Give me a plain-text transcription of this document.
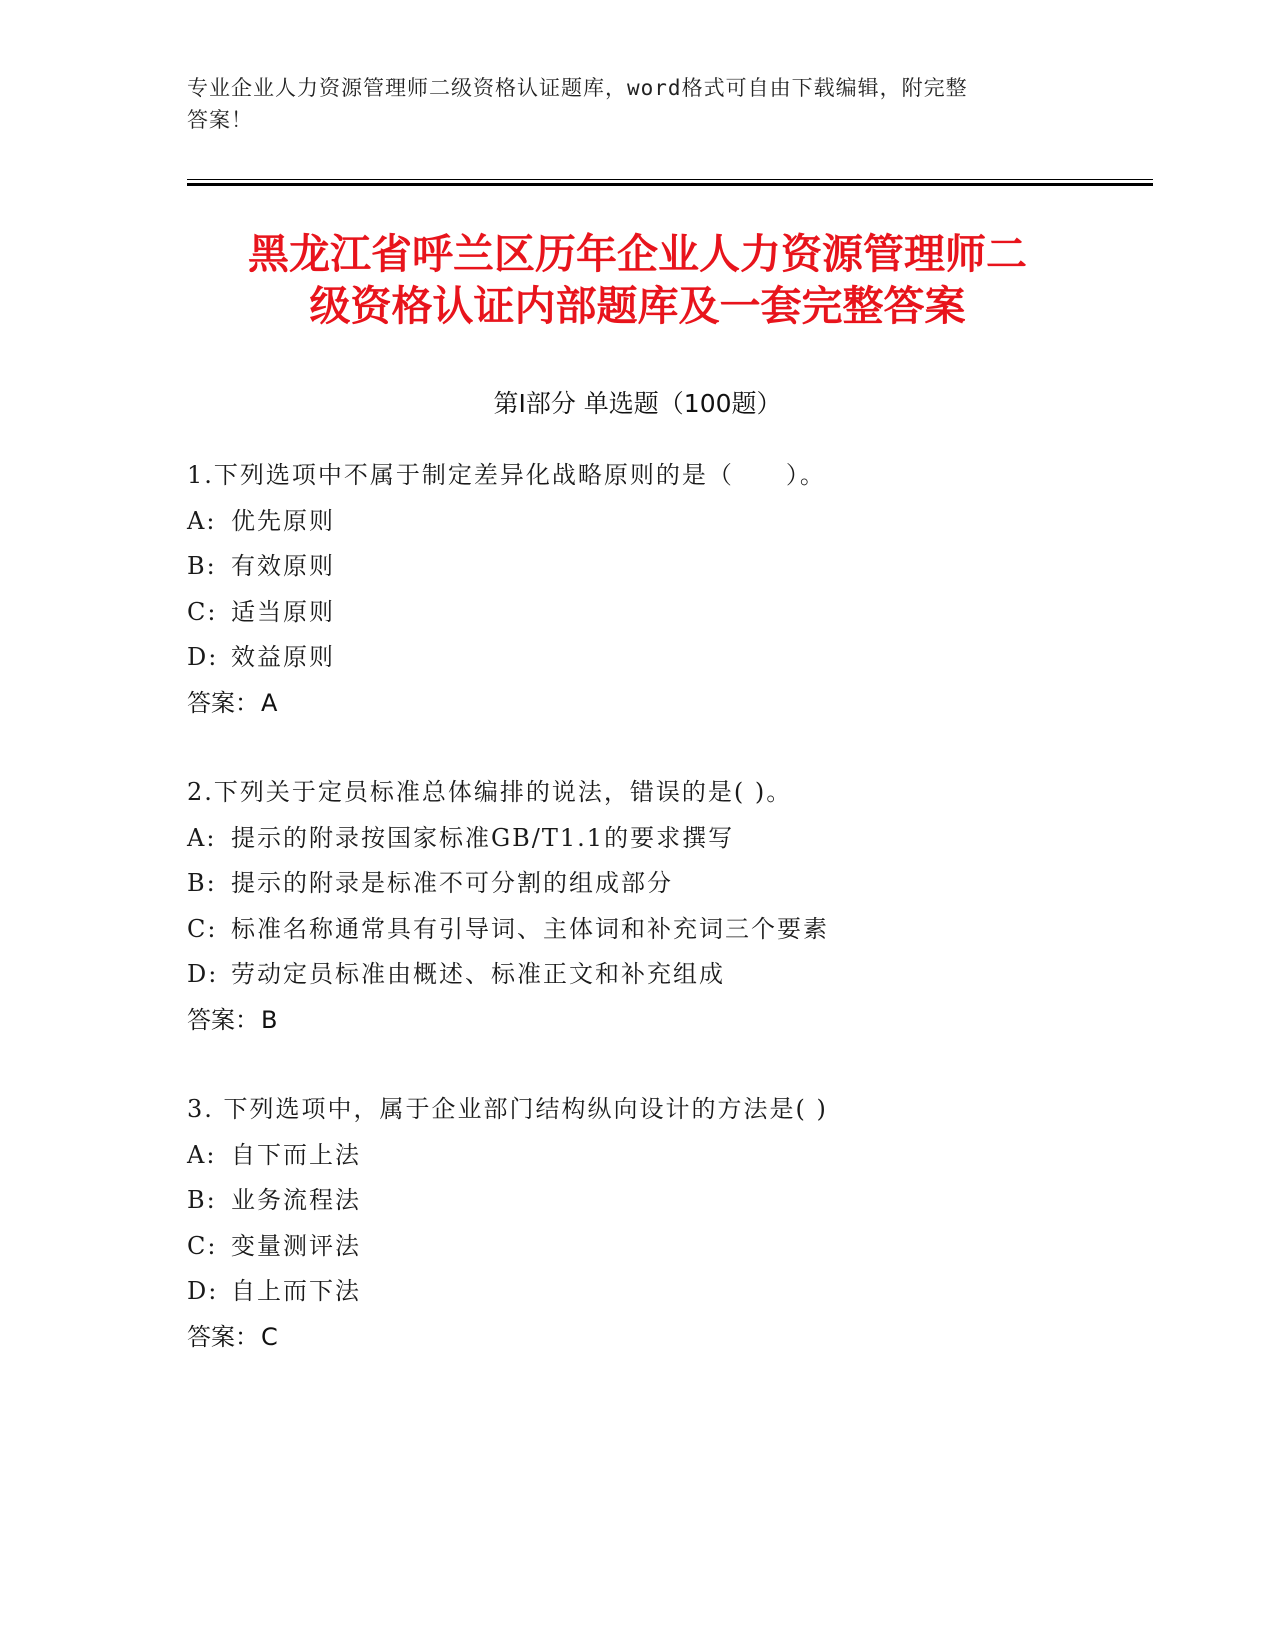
专业企业人力资源管理师二级资格认证题库，word格式可自由下载编辑，附完整
答案！
黑龙江省呼兰区历年企业人力资源管理师二
级资格认证内部题库及一套完整答案
第Ⅰ部分 单选题（100题）
1.下列选项中不属于制定差异化战略原则的是（　　）。
A: 优先原则
B: 有效原则
C: 适当原则
D: 效益原则
答案：A
2.下列关于定员标准总体编排的说法，错误的是( )。
A: 提示的附录按国家标准GB/T1.1的要求撰写
B: 提示的附录是标准不可分割的组成部分
C: 标准名称通常具有引导词、主体词和补充词三个要素
D: 劳动定员标准由概述、标准正文和补充组成
答案：B
3. 下列选项中，属于企业部门结构纵向设计的方法是( )
A: 自下而上法
B: 业务流程法
C: 变量测评法
D: 自上而下法
答案：C
